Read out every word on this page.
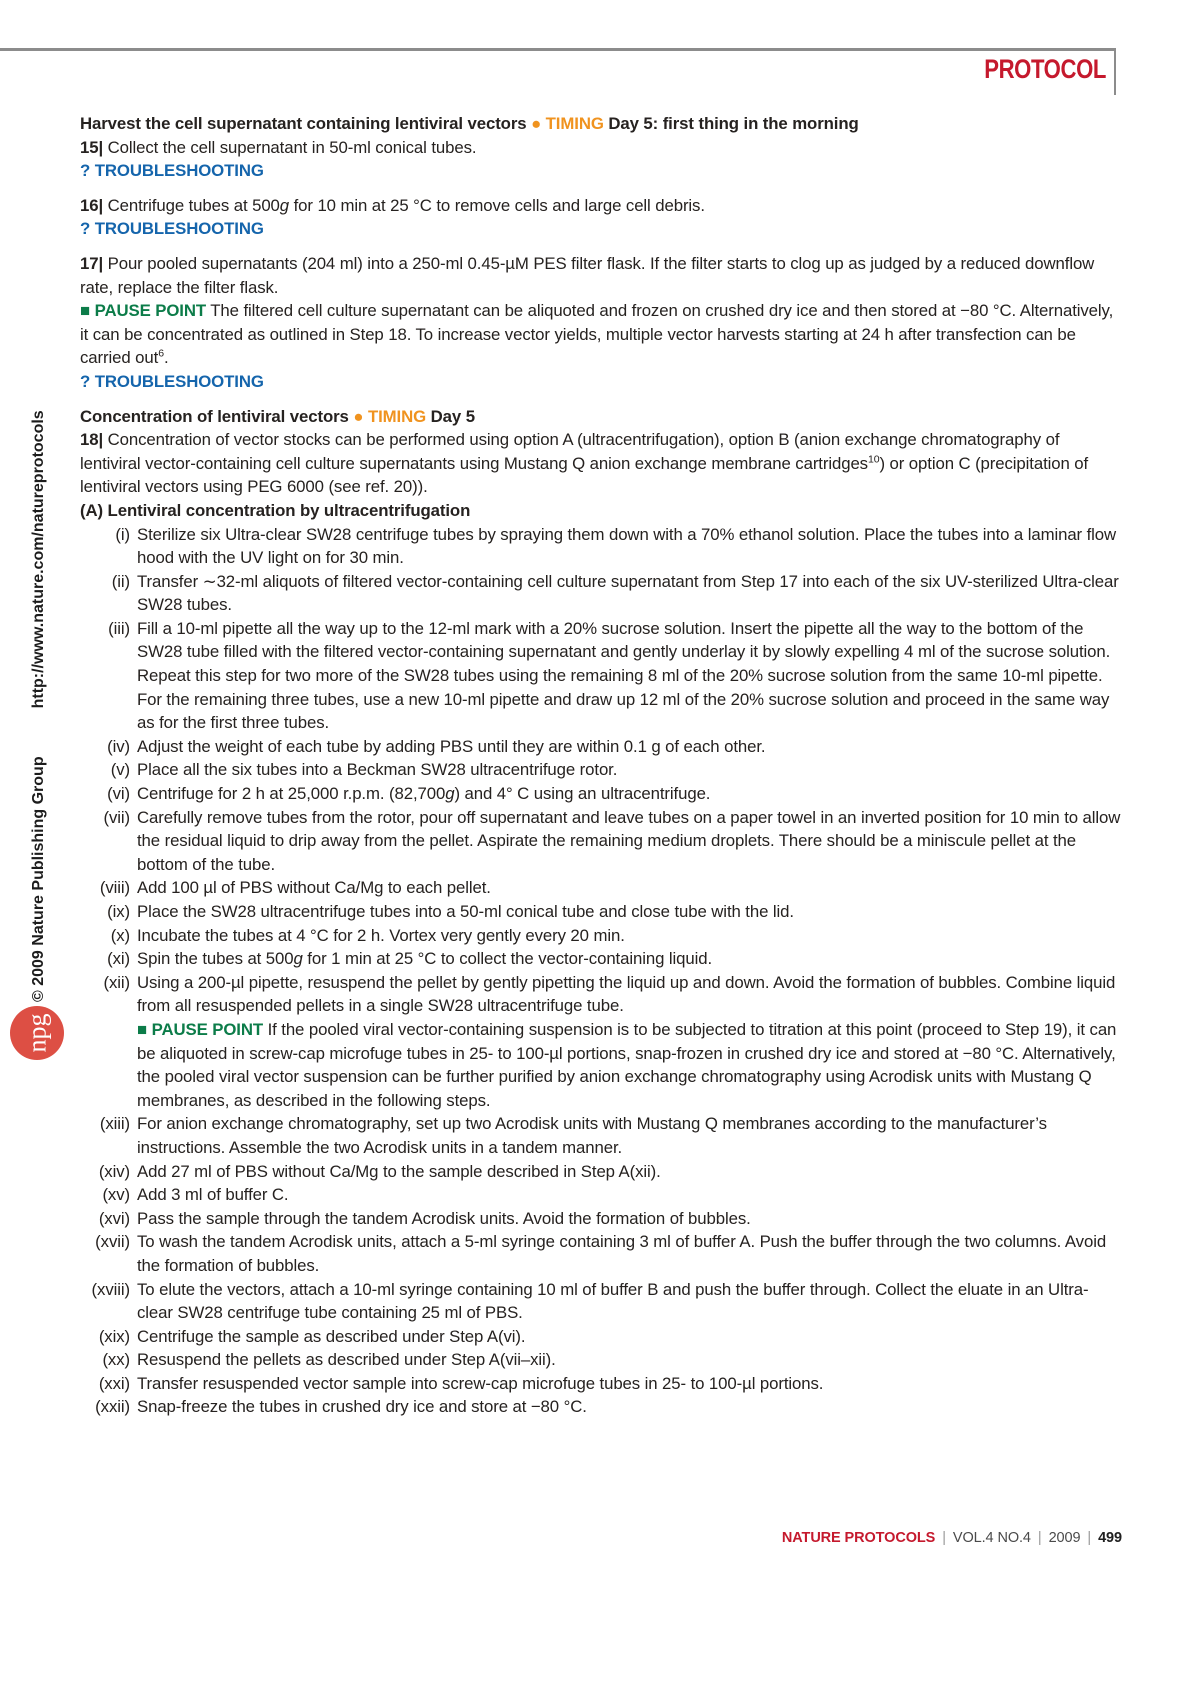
PROTOCOL
© 2009 Nature Publishing Grouphttp://www.nature.com/natureprotocols
npg
Harvest the cell supernatant containing lentiviral vectors ● TIMING Day 5: first thing in the morning
15| Collect the cell supernatant in 50-ml conical tubes.
? TROUBLESHOOTING
16| Centrifuge tubes at 500g for 10 min at 25 °C to remove cells and large cell debris.
? TROUBLESHOOTING
17| Pour pooled supernatants (204 ml) into a 250-ml 0.45-µM PES filter flask. If the filter starts to clog up as judged by a reduced downflow rate, replace the filter flask.
■ PAUSE POINT The filtered cell culture supernatant can be aliquoted and frozen on crushed dry ice and then stored at −80 °C. Alternatively, it can be concentrated as outlined in Step 18. To increase vector yields, multiple vector harvests starting at 24 h after transfection can be carried out$^6$.
? TROUBLESHOOTING
Concentration of lentiviral vectors ● TIMING Day 5
18| Concentration of vector stocks can be performed using option A (ultracentrifugation), option B (anion exchange chromatography of lentiviral vector-containing cell culture supernatants using Mustang Q anion exchange membrane cartridges$^{10}$) or option C (precipitation of lentiviral vectors using PEG 6000 (see ref. 20)).
(A) Lentiviral concentration by ultracentrifugation
(i) Sterilize six Ultra-clear SW28 centrifuge tubes by spraying them down with a 70% ethanol solution. Place the tubes into a laminar flow hood with the UV light on for 30 min.
(ii) Transfer ∼32-ml aliquots of filtered vector-containing cell culture supernatant from Step 17 into each of the six UV-sterilized Ultra-clear SW28 tubes.
(iii) Fill a 10-ml pipette all the way up to the 12-ml mark with a 20% sucrose solution. Insert the pipette all the way to the bottom of the SW28 tube filled with the filtered vector-containing supernatant and gently underlay it by slowly expelling 4 ml of the sucrose solution. Repeat this step for two more of the SW28 tubes using the remaining 8 ml of the 20% sucrose solution from the same 10-ml pipette. For the remaining three tubes, use a new 10-ml pipette and draw up 12 ml of the 20% sucrose solution and proceed in the same way as for the first three tubes.
(iv) Adjust the weight of each tube by adding PBS until they are within 0.1 g of each other.
(v) Place all the six tubes into a Beckman SW28 ultracentrifuge rotor.
(vi) Centrifuge for 2 h at 25,000 r.p.m. (82,700g) and 4° C using an ultracentrifuge.
(vii) Carefully remove tubes from the rotor, pour off supernatant and leave tubes on a paper towel in an inverted position for 10 min to allow the residual liquid to drip away from the pellet. Aspirate the remaining medium droplets. There should be a miniscule pellet at the bottom of the tube.
(viii) Add 100 µl of PBS without Ca/Mg to each pellet.
(ix) Place the SW28 ultracentrifuge tubes into a 50-ml conical tube and close tube with the lid.
(x) Incubate the tubes at 4 °C for 2 h. Vortex very gently every 20 min.
(xi) Spin the tubes at 500g for 1 min at 25 °C to collect the vector-containing liquid.
(xii) Using a 200-µl pipette, resuspend the pellet by gently pipetting the liquid up and down. Avoid the formation of bubbles. Combine liquid from all resuspended pellets in a single SW28 ultracentrifuge tube.
■ PAUSE POINT If the pooled viral vector-containing suspension is to be subjected to titration at this point (proceed to Step 19), it can be aliquoted in screw-cap microfuge tubes in 25- to 100-µl portions, snap-frozen in crushed dry ice and stored at −80 °C. Alternatively, the pooled viral vector suspension can be further purified by anion exchange chromatography using Acrodisk units with Mustang Q membranes, as described in the following steps.
(xiii) For anion exchange chromatography, set up two Acrodisk units with Mustang Q membranes according to the manufacturer’s instructions. Assemble the two Acrodisk units in a tandem manner.
(xiv) Add 27 ml of PBS without Ca/Mg to the sample described in Step A(xii).
(xv) Add 3 ml of buffer C.
(xvi) Pass the sample through the tandem Acrodisk units. Avoid the formation of bubbles.
(xvii) To wash the tandem Acrodisk units, attach a 5-ml syringe containing 3 ml of buffer A. Push the buffer through the two columns. Avoid the formation of bubbles.
(xviii) To elute the vectors, attach a 10-ml syringe containing 10 ml of buffer B and push the buffer through. Collect the eluate in an Ultra-clear SW28 centrifuge tube containing 25 ml of PBS.
(xix) Centrifuge the sample as described under Step A(vi).
(xx) Resuspend the pellets as described under Step A(vii–xii).
(xxi) Transfer resuspended vector sample into screw-cap microfuge tubes in 25- to 100-µl portions.
(xxii) Snap-freeze the tubes in crushed dry ice and store at −80 °C.
NATURE PROTOCOLS | VOL.4 NO.4 | 2009 | 499
